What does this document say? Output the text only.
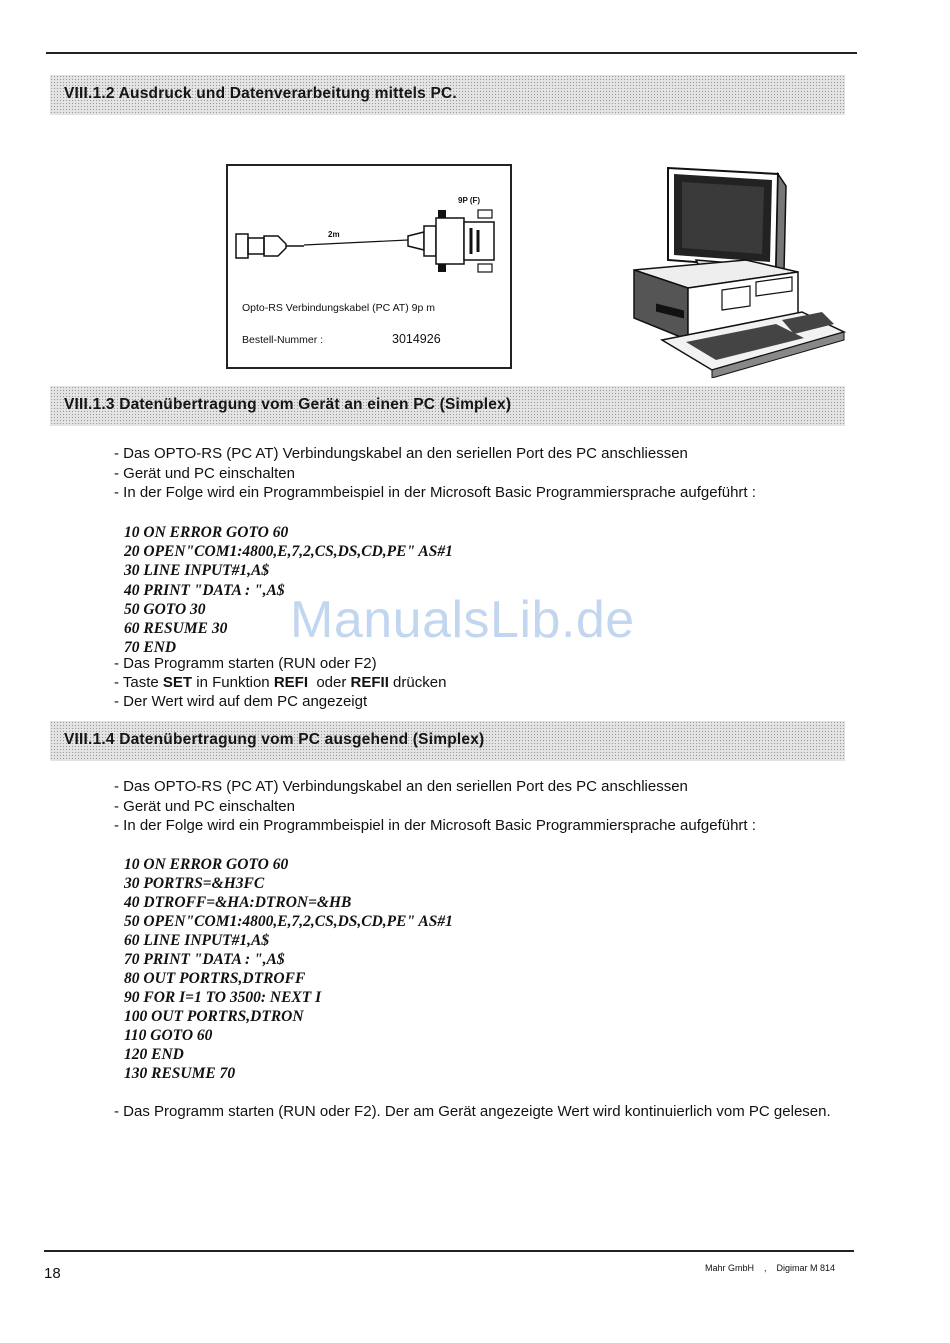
VIII.1.2 Ausdruck und Datenverarbeitung mittels PC.
9P (F)
2m
Opto-RS Verbindungskabel (PC AT) 9p m
Bestell-Nummer :	3014926
VIII.1.3 Datenübertragung vom Gerät an einen PC (Simplex)
- Das OPTO-RS (PC AT) Verbindungskabel an den seriellen Port des PC anschliessen
- Gerät und PC einschalten
- In der Folge wird ein Programmbeispiel in der Microsoft Basic Programmiersprache aufgeführt :
10 ON ERROR GOTO 60
20 OPEN"COM1:4800,E,7,2,CS,DS,CD,PE" AS#1
30 LINE INPUT#1,A$
40 PRINT "DATA : ",A$
50 GOTO 30
60 RESUME 30
70 END
- Das Programm starten (RUN oder F2)
- Taste SET in Funktion REFI  oder REFII drücken
- Der Wert wird auf dem PC angezeigt
VIII.1.4 Datenübertragung vom PC ausgehend (Simplex)
- Das OPTO-RS (PC AT) Verbindungskabel an den seriellen Port des PC anschliessen
- Gerät und PC einschalten
- In der Folge wird ein Programmbeispiel in der Microsoft Basic Programmiersprache aufgeführt :
10 ON ERROR GOTO 60
30 PORTRS=&H3FC
40 DTROFF=&HA:DTRON=&HB
50 OPEN"COM1:4800,E,7,2,CS,DS,CD,PE" AS#1
60 LINE INPUT#1,A$
70 PRINT "DATA : ",A$
80 OUT PORTRS,DTROFF
90 FOR I=1 TO 3500: NEXT I
100 OUT PORTRS,DTRON
110 GOTO 60
120 END
130 RESUME 70
- Das Programm starten (RUN oder F2). Der am Gerät angezeigte Wert wird kontinuierlich vom PC gelesen.
ManualsLib.de
18	Mahr GmbH    ,    Digimar M 814
